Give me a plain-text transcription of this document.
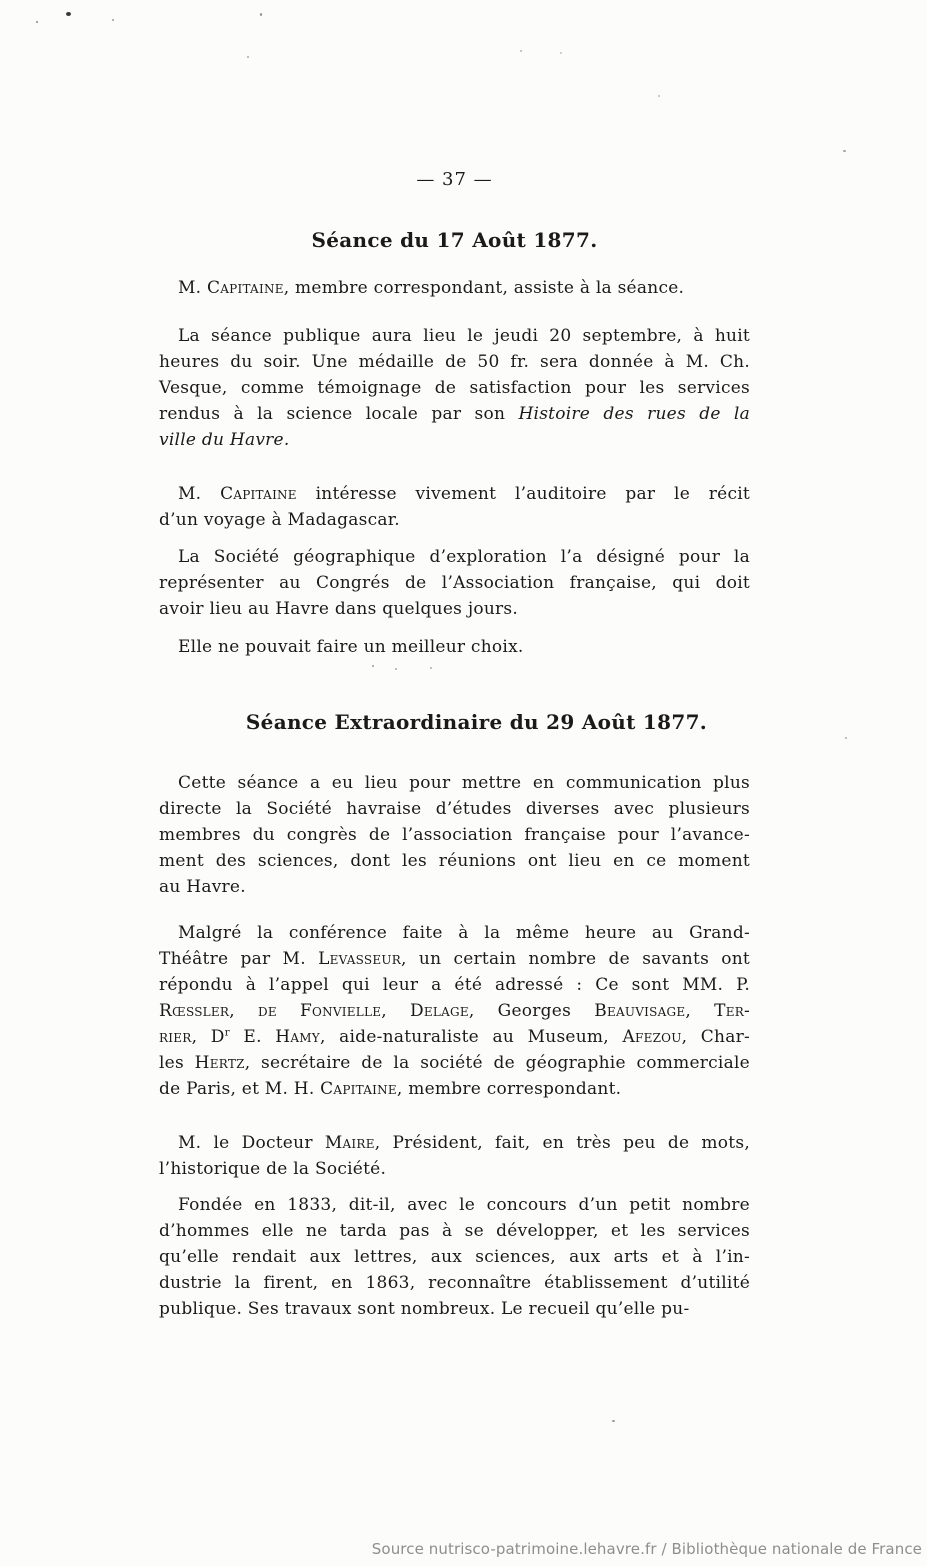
— 37 —
Séance du 17 Août 1877.
M. Capitaine, membre correspondant, assiste à la séance.
La séance publique aura lieu le jeudi 20 septembre, à huit
heures du soir. Une médaille de 50 fr. sera donnée à M. Ch.
Vesque, comme témoignage de satisfaction pour les services
rendus à la science locale par son Histoire des rues de la
ville du Havre.
M. Capitaine intéresse vivement l’auditoire par le récit
d’un voyage à Madagascar.
La Société géographique d’exploration l’a désigné pour la
représenter au Congrés de l’Association française, qui doit
avoir lieu au Havre dans quelques jours.
Elle ne pouvait faire un meilleur choix.
Séance Extraordinaire du 29 Août 1877.
Cette séance a eu lieu pour mettre en communication plus
directe la Société havraise d’études diverses avec plusieurs
membres du congrès de l’association française pour l’avance-
ment des sciences, dont les réunions ont lieu en ce moment
au Havre.
Malgré la conférence faite à la même heure au Grand-
Théâtre par M. Levasseur, un certain nombre de savants ont
répondu à l’appel qui leur a été adressé : Ce sont MM. P.
Rœssler, de Fonvielle, Delage, Georges Beauvisage, Ter-
rier, $D^r$ E. Hamy, aide-naturaliste au Museum, Afezou, Char-
les Hertz, secrétaire de la société de géographie commerciale
de Paris, et M. H. Capitaine, membre correspondant.
M. le Docteur Maire, Président, fait, en très peu de mots,
l’historique de la Société.
Fondée en 1833, dit-il, avec le concours d’un petit nombre
d’hommes elle ne tarda pas à se développer, et les services
qu’elle rendait aux lettres, aux sciences, aux arts et à l’in-
dustrie la firent, en 1863, reconnaître établissement d’utilité
publique. Ses travaux sont nombreux. Le recueil qu’elle pu-
Source nutrisco-patrimoine.lehavre.fr / Bibliothèque nationale de France
